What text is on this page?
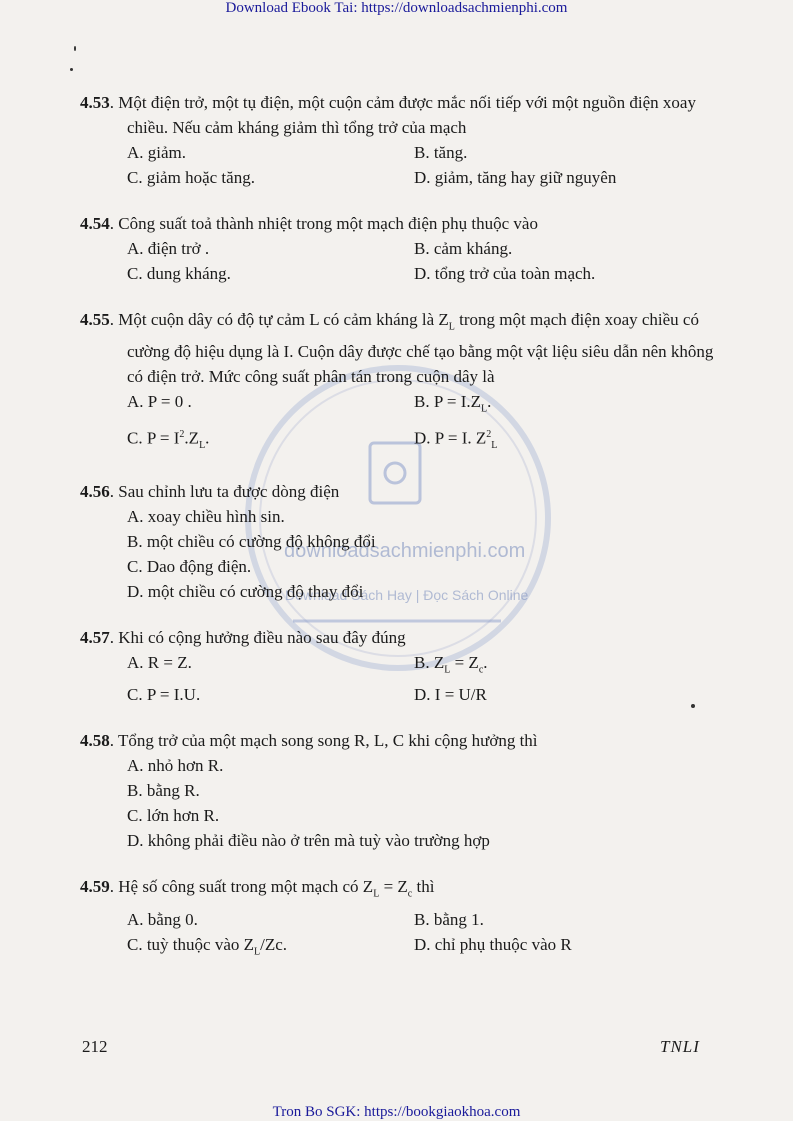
Download Ebook Tai: https://downloadsachmienphi.com
downloadsachmienphi.com
Download Sách Hay | Đọc Sách Online
4.53. Một điện trở, một tụ điện, một cuộn cảm được mắc nối tiếp với một nguồn điện xoay chiều. Nếu cảm kháng giảm thì tổng trở của mạch
A. giảm.	B. tăng.
C. giảm hoặc tăng.	D. giảm, tăng hay giữ nguyên
4.54. Công suất toả thành nhiệt trong một mạch điện phụ thuộc vào
A. điện trở .	B. cảm kháng.
C. dung kháng.	D. tổng trở của toàn mạch.
4.55. Một cuộn dây có độ tự cảm L có cảm kháng là $Z_L$ trong một mạch điện xoay chiều có cường độ hiệu dụng là I. Cuộn dây được chế tạo bằng một vật liệu siêu dẫn nên không có điện trở. Mức công suất phân tán trong cuộn dây là
A. P = 0 .	B. $P = I.Z_L$.
C. $P = I^2.Z_L$.	D. P = I. $Z^2_L$
4.56. Sau chỉnh lưu ta được dòng điện
A. xoay chiều hình sin.
B. một chiều có cường độ không đổi
C. Dao động điện.
D. một chiều có cường độ thay đổi
4.57. Khi có cộng hưởng điều nào sau đây đúng
A. R = Z.	B. $Z_L = Z_c$.
C. P = I.U.	D. I = U/R
4.58. Tổng trở của một mạch song song R, L, C khi cộng hưởng thì
A. nhỏ hơn R.
B. bằng R.
C. lớn hơn R.
D. không phải điều nào ở trên mà tuỳ vào trường hợp
4.59. Hệ số công suất trong một mạch có $Z_L = Z_c$ thì
A. bằng 0.	B. bằng 1.
C. tuỳ thuộc vào $Z_L/Zc$.	D. chỉ phụ thuộc vào R
212	TNLI
Tron Bo SGK: https://bookgiaokhoa.com
